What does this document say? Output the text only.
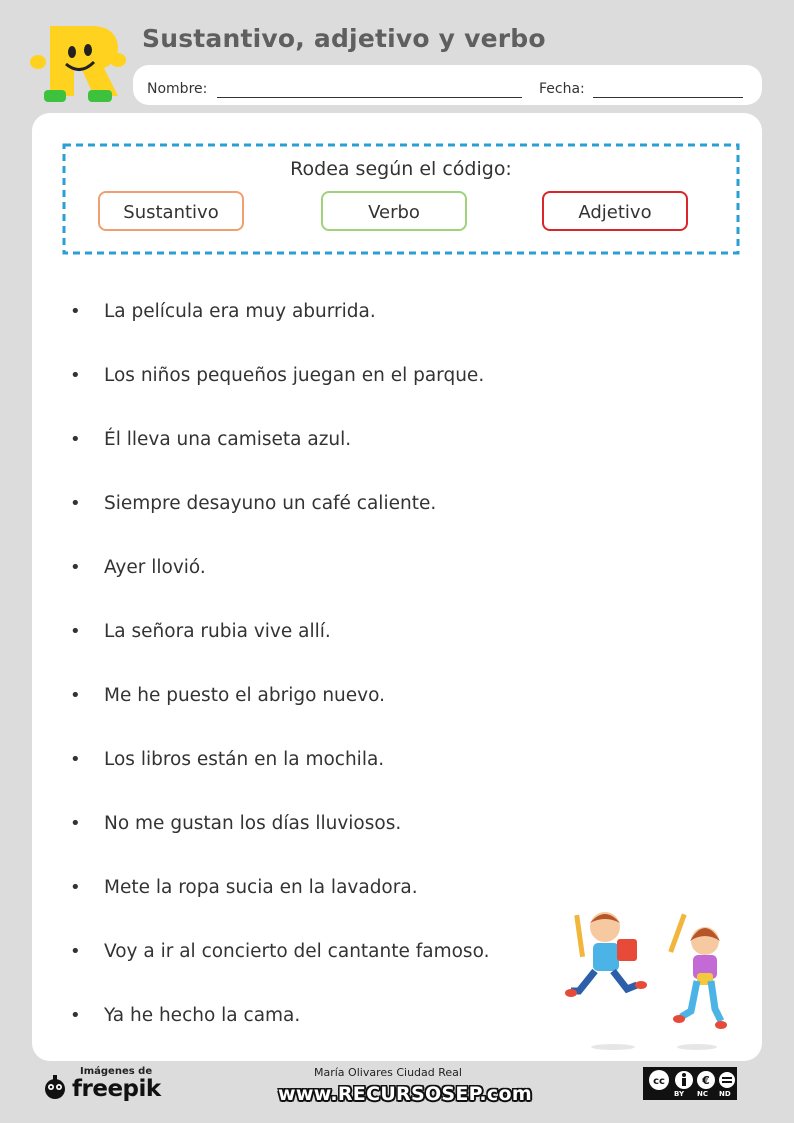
Sustantivo, adjetivo y verbo
Nombre:	Fecha:
Rodea según el código:
Sustantivo	Verbo	Adjetivo
•	La película era muy aburrida.
•	Los niños pequeños juegan en el parque.
•	Él lleva una camiseta azul.
•	Siempre desayuno un café caliente.
•	Ayer llovió.
•	La señora rubia vive allí.
•	Me he puesto el abrigo nuevo.
•	Los libros están en la mochila.
•	No me gustan los días lluviosos.
•	Mete la ropa sucia en la lavadora.
•	Voy a ir al concierto del cantante famoso.
•	Ya he hecho la cama.
Imágenes de
freepik
María Olivares Ciudad Real
www.RECURSOSEP.com
cc	€
BY NC ND
